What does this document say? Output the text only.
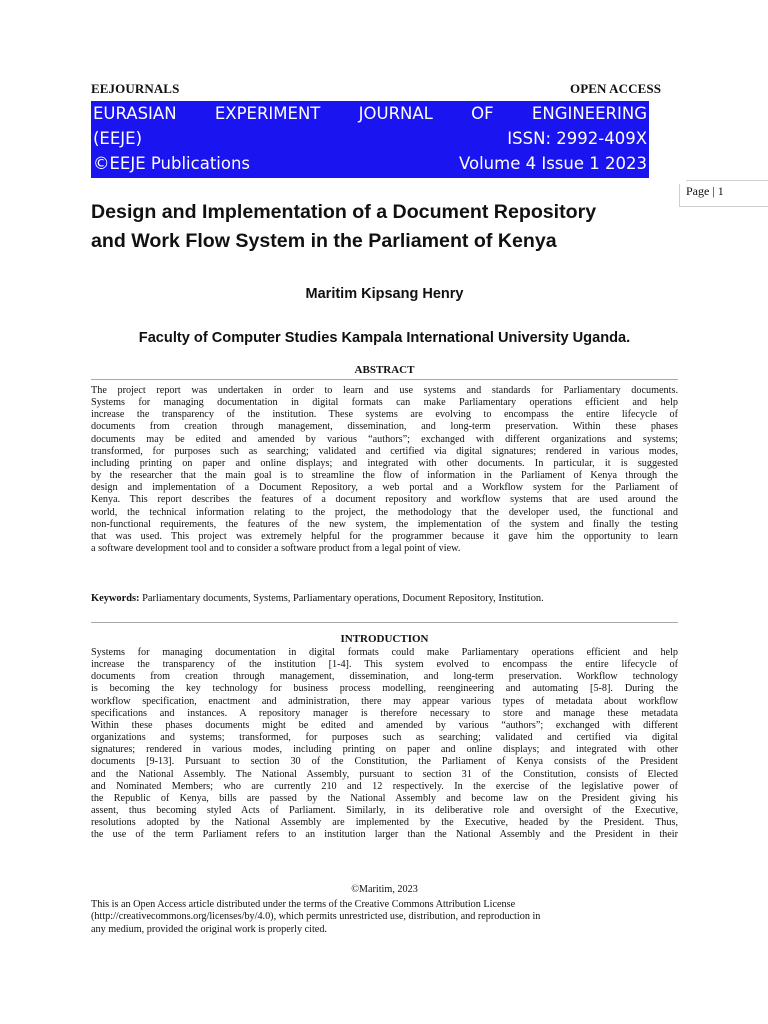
EEJOURNALS	OPEN ACCESS
EURASIAN EXPERIMENT JOURNAL OF ENGINEERING
(EEJE)	ISSN: 2992-409X
©EEJE Publications	Volume 4 Issue 1 2023
Page | 1
Design and Implementation of a Document Repository
and Work Flow System in the Parliament of Kenya
Maritim Kipsang Henry
Faculty of Computer Studies Kampala International University Uganda.
ABSTRACT
The project report was undertaken in order to learn and use systems and standards for Parliamentary documents.
Systems for managing documentation in digital formats can make Parliamentary operations efficient and help
increase the transparency of the institution. These systems are evolving to encompass the entire lifecycle of
documents from creation through management, dissemination, and long-term preservation. Within these phases
documents may be edited and amended by various “authors”; exchanged with different organizations and systems;
transformed, for purposes such as searching; validated and certified via digital signatures; rendered in various modes,
including printing on paper and online displays; and integrated with other documents. In particular, it is suggested
by the researcher that the main goal is to streamline the flow of information in the Parliament of Kenya through the
design and implementation of a Document Repository, a web portal and a Workflow system for the Parliament of
Kenya. This report describes the features of a document repository and workflow systems that are used around the
world, the technical information relating to the project, the methodology that the developer used, the functional and
non-functional requirements, the features of the new system, the implementation of the system and finally the testing
that was used. This project was extremely helpful for the programmer because it gave him the opportunity to learn
a software development tool and to consider a software product from a legal point of view.
Keywords: Parliamentary documents, Systems, Parliamentary operations, Document Repository, Institution.
INTRODUCTION
Systems for managing documentation in digital formats could make Parliamentary operations efficient and help
increase the transparency of the institution [1-4]. This system evolved to encompass the entire lifecycle of
documents from creation through management, dissemination, and long-term preservation. Workflow technology
is becoming the key technology for business process modelling, reengineering and automating [5-8]. During the
workflow specification, enactment and administration, there may appear various types of metadata about workflow
specifications and instances. A repository manager is therefore necessary to store and manage these metadata
Within these phases documents might be edited and amended by various “authors”; exchanged with different
organizations and systems; transformed, for purposes such as searching; validated and certified via digital
signatures; rendered in various modes, including printing on paper and online displays; and integrated with other
documents [9-13]. Pursuant to section 30 of the Constitution, the Parliament of Kenya consists of the President
and the National Assembly. The National Assembly, pursuant to section 31 of the Constitution, consists of Elected
and Nominated Members; who are currently 210 and 12 respectively. In the exercise of the legislative power of
the Republic of Kenya, bills are passed by the National Assembly and become law on the President giving his
assent, thus becoming styled Acts of Parliament. Similarly, in its deliberative role and oversight of the Executive,
resolutions adopted by the National Assembly are implemented by the Executive, headed by the President. Thus,
the use of the term Parliament refers to an institution larger than the National Assembly and the President in their
©Maritim, 2023
This is an Open Access article distributed under the terms of the Creative Commons Attribution License
(http://creativecommons.org/licenses/by/4.0), which permits unrestricted use, distribution, and reproduction in
any medium, provided the original work is properly cited.
